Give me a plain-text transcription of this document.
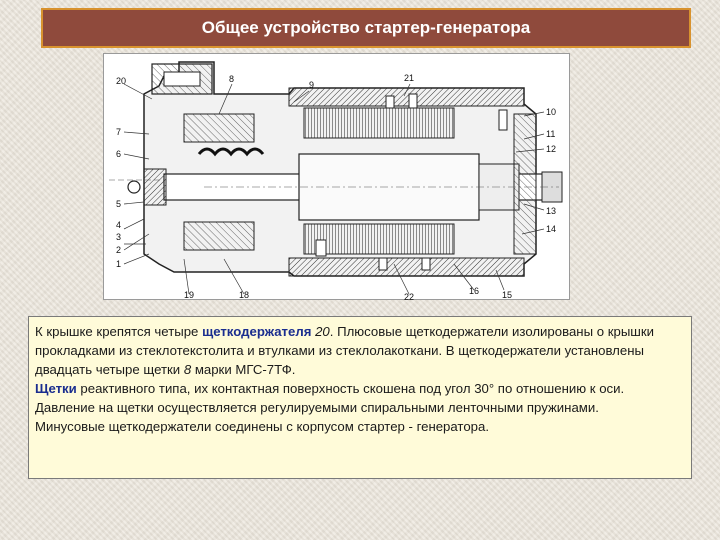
Общее устройство стартер-генератора
20	8
9
21
10
11
12
13
14
15
16
22
18
19
1
2
3
4
5
6
7

К крышке крепятся четыре щеткодержателя 20. Плюсовые щеткодержатели изолированы о крышки прокладками из стеклотекстолита и втулками из стеклолакоткани. В щеткодержатели установлены двадцать четыре щетки 8 марки МГС-7ТФ.

Щетки реактивного типа, их контактная поверхность скошена под угол 30° по отношению к оси. Давление на щетки осуществляется регулируемыми спиральными ленточными пружинами.

Минусовые щеткодержатели соединены с корпусом стартер - генератора.
